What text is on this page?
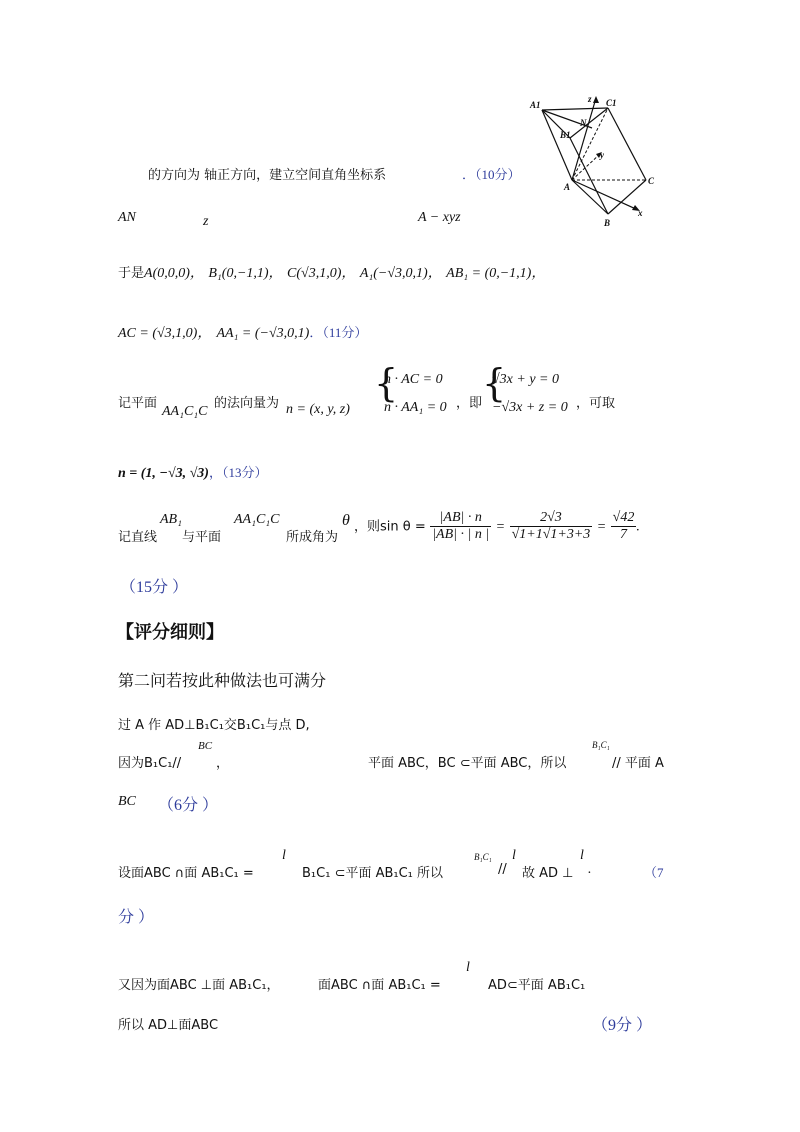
A1
z C1
N
B1
y
A
C
x
B
的方向为 轴正方向，建立空间直角坐标系	．（10分）
AN	z	A − xyz
于是A(0,0,0)， B₁(0,−1,1)， C(√3,1,0)， A₁(−√3,0,1)， AB₁ = (0,−1,1)，
AC = (√3,1,0)， AA₁ = (−√3,0,1)．（11分）
记平面
AA₁C₁C
的法向量为 n = (x, y, z)
{
n · AC = 0
n · AA₁ = 0 ，即 {
√3x + y = 0
−√3x + z = 0 ，可取
n = (1, −√3, √3)，（13分）
记直线
AB₁
与平面
AA₁C₁C
所成角为
θ ，则$\sin \theta = \frac{|AB| \cdot n}{|AB| \cdot | n |} = \frac{2√3}{√1+1√1+3+3} = \frac{√42}{7}$ .
（15分 ）
【评分细则】
第二问若按此种做法也可满分
过 A 作 AD⊥B₁C₁交B₁C₁与点 D,
因为B₁C₁//
BC
，	平面 ABC，BC ⊂平面 ABC，所以
B₁C₁
// 平面 A
BC （6分 ）
设面ABC ∩面 AB₁C₁ =
l
B₁C₁ ⊂平面 AB₁C₁ 所以
B₁C₁
//
l
故 AD ⊥
l
.	（7
分 ）
又因为面ABC ⊥面 AB₁C₁，	面ABC ∩面 AB₁C₁ =
l
AD⊂平面 AB₁C₁
所以 AD⊥面ABC	（9分 ）
